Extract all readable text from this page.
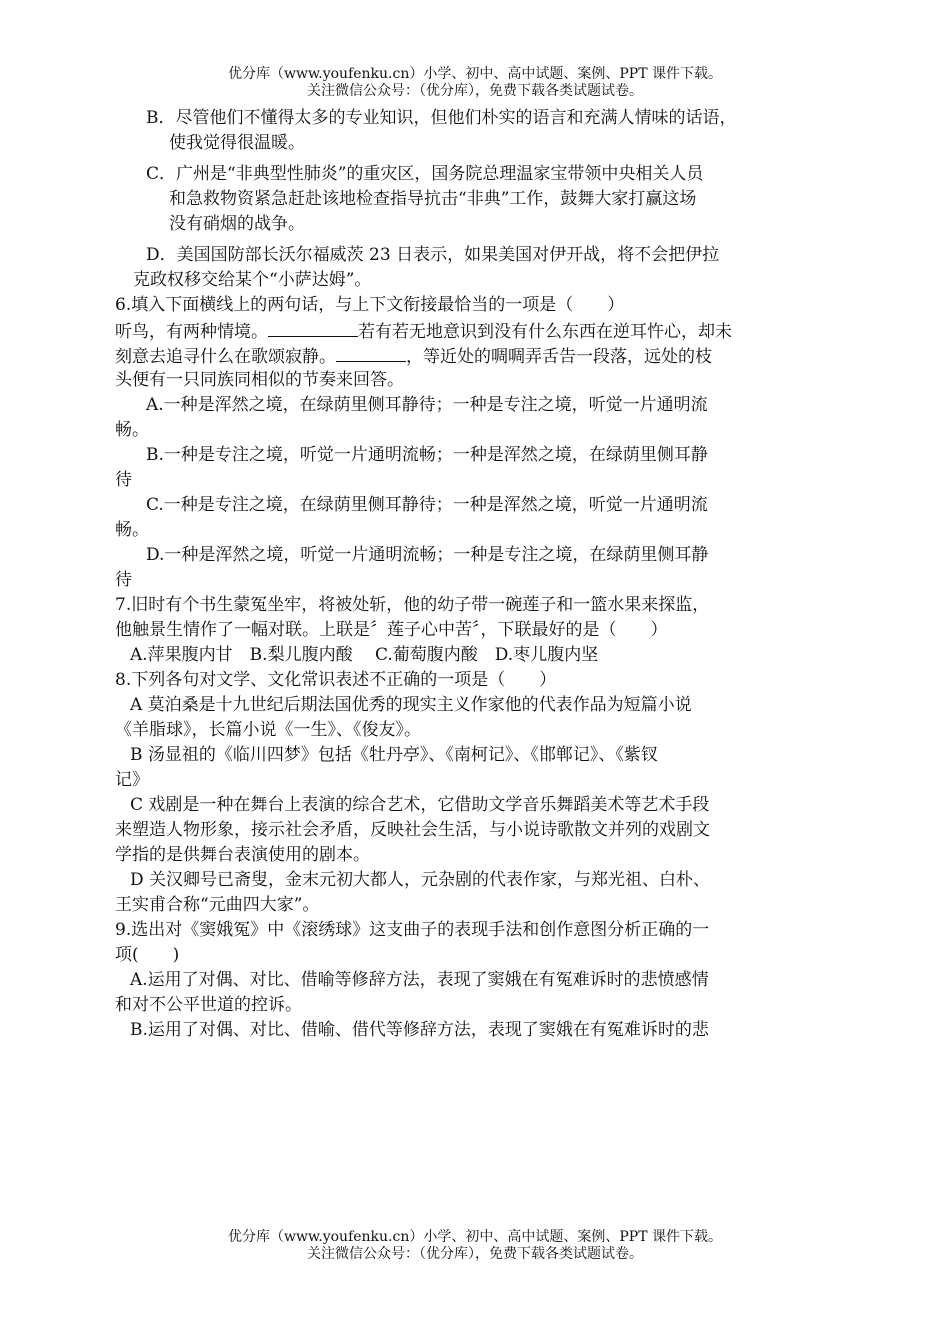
优分库（www.youfenku.cn）小学、初中、高中试题、案例、PPT 课件下载。
关注微信公众号：（优分库），免费下载各类试题试卷。
B．尽管他们不懂得太多的专业知识，但他们朴实的语言和充满人情味的话语，
使我觉得很温暖。
C．广州是“非典型性肺炎”的重灾区，国务院总理温家宝带领中央相关人员
和急救物资紧急赶赴该地检查指导抗击“非典”工作，鼓舞大家打赢这场
没有硝烟的战争。
D．美国国防部长沃尔福威茨 23 日表示，如果美国对伊开战，将不会把伊拉
克政权移交给某个“小萨达姆”。
6.填入下面横线上的两句话，与上下文衔接最恰当的一项是（　　）
听鸟，有两种情境。	若有若无地意识到没有什么东西在逆耳忤心，却未
刻意去追寻什么在歌颂寂静。	，等近处的啁啁弄舌告一段落，远处的枝
头便有一只同族同相似的节奏来回答。
A.一种是浑然之境，在绿荫里侧耳静待；一种是专注之境，听觉一片通明流
畅。
B.一种是专注之境，听觉一片通明流畅；一种是浑然之境，在绿荫里侧耳静
待
C.一种是专注之境，在绿荫里侧耳静待；一种是浑然之境，听觉一片通明流
畅。
D.一种是浑然之境，听觉一片通明流畅；一种是专注之境，在绿荫里侧耳静
待
7.旧时有个书生蒙冤坐牢，将被处斩，他的幼子带一碗莲子和一篮水果来探监，
他触景生情作了一幅对联。上联是〞莲子心中苦〞，下联最好的是（　　）
A.萍果腹内甘　B.梨儿腹内酸　 C.葡萄腹内酸　D.枣儿腹内坚
8.下列各句对文学、文化常识表述不正确的一项是（　　）
A 莫泊桑是十九世纪后期法国优秀的现实主义作家他的代表作品为短篇小说
《羊脂球》，长篇小说《一生》、《俊友》。
B 汤显祖的《临川四梦》包括《牡丹亭》、《南柯记》、《邯郸记》、《紫钗
记》
C 戏剧是一种在舞台上表演的综合艺术，它借助文学音乐舞蹈美术等艺术手段
来塑造人物形象，接示社会矛盾，反映社会生活，与小说诗歌散文并列的戏剧文
学指的是供舞台表演使用的剧本。
D 关汉卿号已斋叟，金末元初大都人，元杂剧的代表作家，与郑光祖、白朴、
王实甫合称“元曲四大家”。
9.选出对《窦娥冤》中《滚绣球》这支曲子的表现手法和创作意图分析正确的一
项(　　)
A.运用了对偶、对比、借喻等修辞方法，表现了窦娥在有冤难诉时的悲愤感情
和对不公平世道的控诉。
B.运用了对偶、对比、借喻、借代等修辞方法，表现了窦娥在有冤难诉时的悲
优分库（www.youfenku.cn）小学、初中、高中试题、案例、PPT 课件下载。
关注微信公众号：（优分库），免费下载各类试题试卷。
